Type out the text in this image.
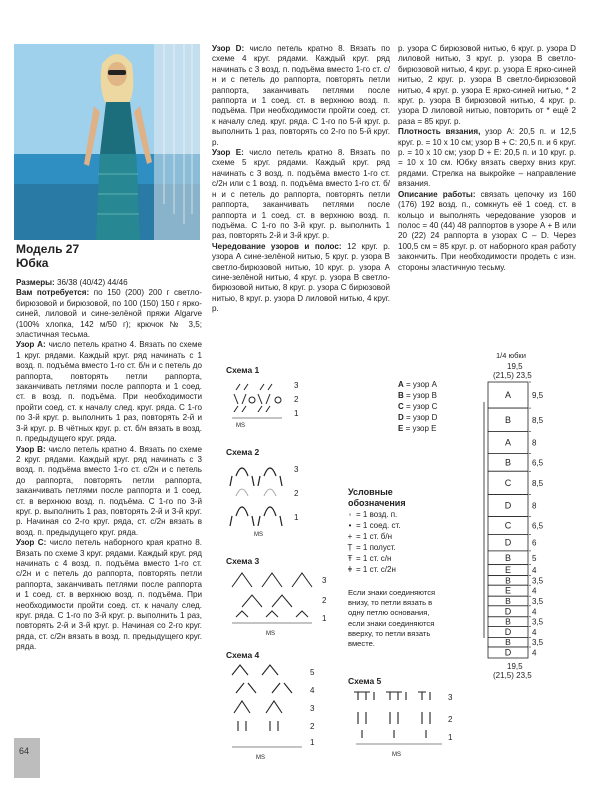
Модель 27
Юбка

Размеры: 36/38 (40/42) 44/46

Вам потребуется: по 150 (200) 200 г светло-бирюзовой и бирюзовой, по 100 (150) 150 г ярко-синей, лиловой и сине-зелёной пряжи Algarve (100% хлопка, 142 м/50 г); крючок № 3,5; эластичная тесьма.

Узор А: число петель кратно 4. Вязать по схеме 1 круг. рядами. Каждый круг. ряд начинать с 1 возд. п. подъёма вместо 1-го ст. б/н и с петель до раппорта, повторять петли раппорта, заканчивать петлями после раппорта и 1 соед. ст. в возд. п. подъёма. При необходимости пройти соед. ст. к началу след. круг. ряда. С 1-го по 3-й круг. р. выполнить 1 раз, повторять 2-й и 3-й круг. р. В чётных круг. р. ст. б/н вязать в возд. п. предыдущего круг. ряда.

Узор В: число петель кратно 4. Вязать по схеме 2 круг. рядами. Каждый круг. ряд начинать с 3 возд. п. подъёма вместо 1-го ст. с/2н и с петель до раппорта, повторять петли раппорта, заканчивать петлями после раппорта и 1 соед. ст. в верхнюю возд. п. подъёма. С 1-го по 3-й круг. р. выполнить 1 раз, повторять 2-й и 3-й круг. р. Начиная со 2-го круг. ряда, ст. с/2н вязать в возд. п. предыдущего круг. ряда.

Узор С: число петель наборного края кратно 8. Вязать по схеме 3 круг. рядами. Каждый круг. ряд начинать с 4 возд. п. подъёма вместо 1-го ст. с/2н и с петель до раппорта, повторять петли раппорта, заканчивать петлями после раппорта и 1 соед. ст. в верхнюю возд. п. подъёма. При необходимости пройти соед. ст. к началу след. круг. ряда. С 1-го по 3-й круг. р. выполнить 1 раз, повторять 2-й и 3-й круг. р. Начиная со 2-го круг. ряда, ст. с/2н вязать в возд. п. предыдущего круг. ряда.

Узор D: число петель кратно 8. Вязать по схеме 4 круг. рядами. Каждый круг. ряд начинать с 3 возд. п. подъёма вместо 1-го ст. с/н и с петель до раппорта, повторять петли раппорта, заканчивать петлями после раппорта и 1 соед. ст. в верхнюю возд. п. подъёма. При необходимости пройти соед. ст. к началу след. круг. ряда. С 1-го по 5-й круг. р. выполнить 1 раз, повторять со 2-го по 5-й круг. р.

Узор Е: число петель кратно 8. Вязать по схеме 5 круг. рядами. Каждый круг. ряд начинать с 3 возд. п. подъёма вместо 1-го ст. с/2н или с 1 возд. п. подъёма вместо 1-го ст. б/н и с петель до раппорта, повторять петли раппорта, заканчивать петлями после раппорта и 1 соед. ст. в верхнюю возд. п. подъёма. С 1-го по 3-й круг. р. выполнить 1 раз, повторять 2-й и 3-й круг. р.

Чередование узоров и полос: 12 круг. р. узора А сине-зелёной нитью, 5 круг. р. узора В светло-бирюзовой нитью, 10 круг. р. узора А сине-зелёной нитью, 4 круг. р. узора В светло-бирюзовой нитью, 8 круг. р. узора С бирюзовой нитью, 8 круг. р. узора D лиловой нитью, 4 круг. р.

р. узора С бирюзовой нитью, 6 круг. р. узора D лиловой нитью, 3 круг. р. узора В светло-бирюзовой нитью, 4 круг. р. узора Е ярко-синей нитью, 2 круг. р. узора В светло-бирюзовой нитью, 4 круг. р. узора Е ярко-синей нитью, * 2 круг. р. узора В бирюзовой нитью, 4 круг. р. узора D лиловой нитью, повторить от * ещё 2 раза = 85 круг. р.

Плотность вязания, узор А: 20,5 п. и 12,5 круг. р. = 10 х 10 см; узор В + С: 20,5 п. и 6 круг. р. = 10 х 10 см; узор D + E: 20,5 п. и 10 круг. р. = 10 х 10 см. Юбку вязать сверху вниз круг. рядами. Стрелка на выкройке – направление вязания.

Описание работы: связать цепочку из 160 (176) 192 возд. п., сомкнуть её 1 соед. ст. в кольцо и выполнять чередование узоров и полос = 40 (44) 48 раппортов в узоре А + В или 20 (22) 24 раппорта в узорах С – D. Через 100,5 см = 85 круг. р. от наборного края работу закончить. При необходимости продеть с изн. стороны эластичную тесьму.

Схема 1
3
2
1
MS
Схема 2
3
2
1
MS
Схема 3
3
2
1
MS
Схема 4
5
4
3
2
1
MS
Схема 5
3
2
1
MS
Условные
обозначения
◦ = 1 возд. п.
• = 1 соед. ст.
+ = 1 ст. б/н
Ṭ = 1 полуст.
Ŧ = 1 ст. с/н
ǂ = 1 ст. с/2н
Если знаки соединяются внизу, то петли вязать в одну петлю основания, если знаки соединяются вверху, то петли вязать вместе.
A = узор A
B = узор B
C = узор C
D = узор D
E = узор E
1/4 юбки
19,5
(21,5) 23,5
A	9,5
B	8,5
A	8
B	6,5
C	8,5
D	8
C	6,5
D	6
B	5
E	4
B	3,5
E	4
B	3,5
D	4
B	3,5
D	4
B	3,5
D	4
19,5
(21,5) 23,5
64
